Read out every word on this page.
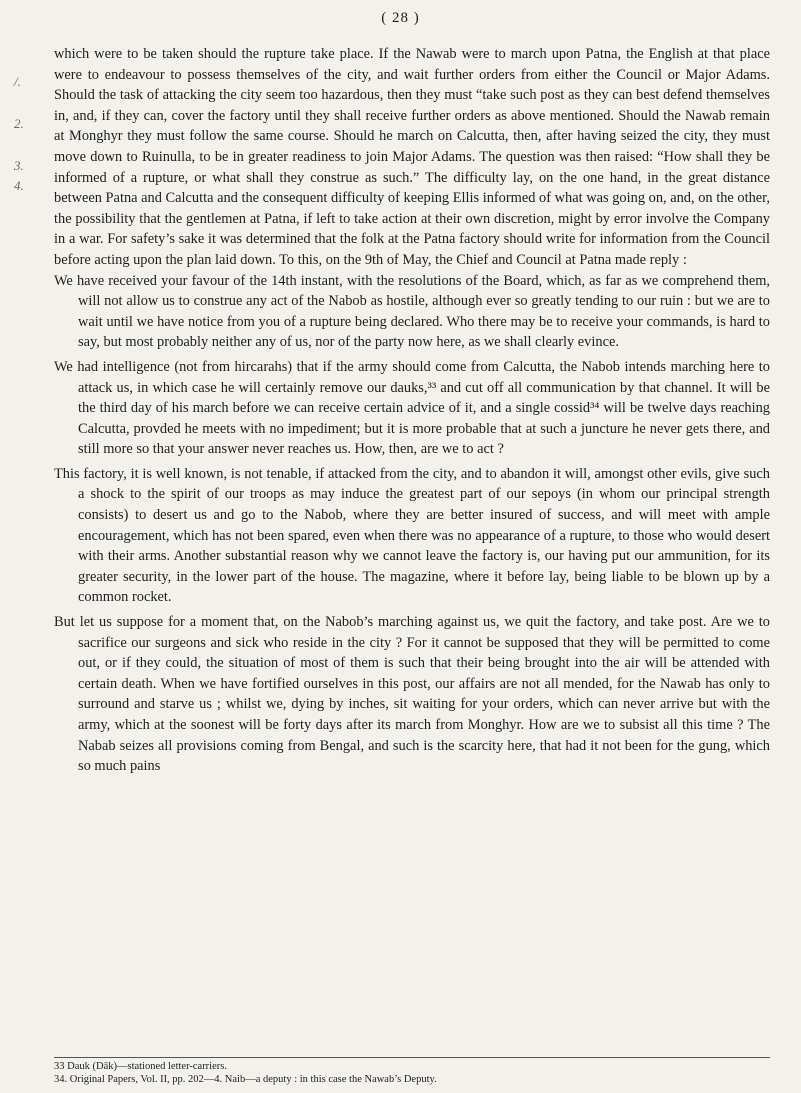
( 28 )
/.
2.
3.
4.

which were to be taken should the rupture take place. If the Nawab were to march upon Patna, the English at that place were to endeavour to possess themselves of the city, and wait further orders from either the Council or Major Adams. Should the task of attacking the city seem too hazardous, then they must “take such post as they can best defend themselves in, and, if they can, cover the factory until they shall receive further orders as above mentioned. Should the Nawab remain at Monghyr they must follow the same course. Should he march on Calcutta, then, after having seized the city, they must move down to Ruinulla, to be in greater readiness to join Major Adams. The question was then raised: “How shall they be informed of a rupture, or what shall they construe as such.” The difficulty lay, on the one hand, in the great distance between Patna and Calcutta and the consequent difficulty of keeping Ellis informed of what was going on, and, on the other, the possibility that the gentlemen at Patna, if left to take action at their own discretion, might by error involve the Company in a war. For safety’s sake it was determined that the folk at the Patna factory should write for information from the Council before acting upon the plan laid down. To this, on the 9th of May, the Chief and Council at Patna made reply :

We have received your favour of the 14th instant, with the resolutions of the Board, which, as far as we comprehend them, will not allow us to construe any act of the Nabob as hostile, although ever so greatly tending to our ruin : but we are to wait until we have notice from you of a rupture being declared. Who there may be to receive your commands, is hard to say, but most probably neither any of us, nor of the party now here, as we shall clearly evince.

We had intelligence (not from hircarahs) that if the army should come from Calcutta, the Nabob intends marching here to attack us, in which case he will certainly remove our dauks,³³ and cut off all communication by that channel. It will be the third day of his march before we can receive certain advice of it, and a single cossid³⁴ will be twelve days reaching Calcutta, provded he meets with no impediment; but it is more probable that at such a juncture he never gets there, and still more so that your answer never reaches us. How, then, are we to act ?

This factory, it is well known, is not tenable, if attacked from the city, and to abandon it will, amongst other evils, give such a shock to the spirit of our troops as may induce the greatest part of our sepoys (in whom our principal strength consists) to desert us and go to the Nabob, where they are better insured of success, and will meet with ample encouragement, which has not been spared, even when there was no appearance of a rupture, to those who would desert with their arms. Another substantial reason why we cannot leave the factory is, our having put our ammunition, for its greater security, in the lower part of the house. The magazine, where it before lay, being liable to be blown up by a common rocket.

But let us suppose for a moment that, on the Nabob’s marching against us, we quit the factory, and take post. Are we to sacrifice our surgeons and sick who reside in the city ? For it cannot be supposed that they will be permitted to come out, or if they could, the situation of most of them is such that their being brought into the air will be attended with certain death. When we have fortified ourselves in this post, our affairs are not all mended, for the Nawab has only to surround and starve us ; whilst we, dying by inches, sit waiting for your orders, which can never arrive but with the army, which at the soonest will be forty days after its march from Monghyr. How are we to subsist all this time ? The Nabab seizes all provisions coming from Bengal, and such is the scarcity here, that had it not been for the gung, which so much pains

33 Dauk (Dāk)—stationed letter-carriers.

34. Original Papers, Vol. II, pp. 202—4. Naib—a deputy : in this case the Nawab’s Deputy.
